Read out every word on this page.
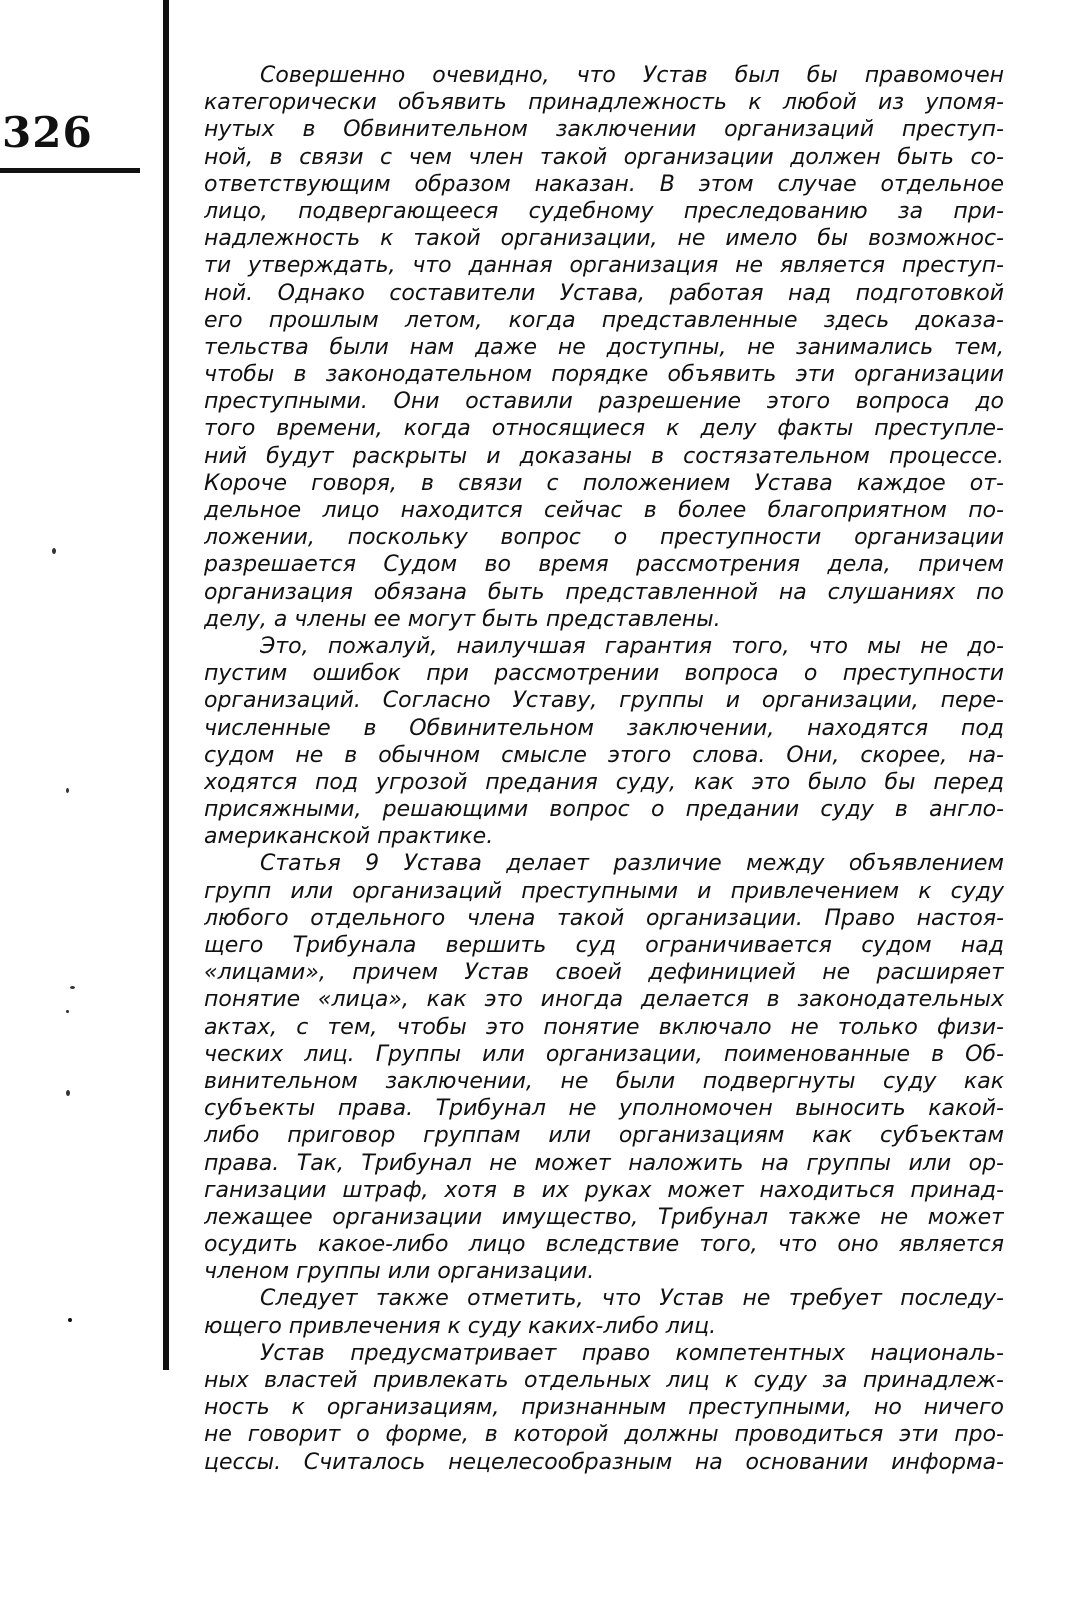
326
Совершенно очевидно, что Устав был бы правомочен
категорически объявить принадлежность к любой из упомя-
нутых в Обвинительном заключении организаций преступ-
ной, в связи с чем член такой организации должен быть со-
ответствующим образом наказан. В этом случае отдельное
лицо, подвергающееся судебному преследованию за при-
надлежность к такой организации, не имело бы возможнос-
ти утверждать, что данная организация не является преступ-
ной. Однако составители Устава, работая над подготовкой
его прошлым летом, когда представленные здесь доказа-
тельства были нам даже не доступны, не занимались тем,
чтобы в законодательном порядке объявить эти организации
преступными. Они оставили разрешение этого вопроса до
того времени, когда относящиеся к делу факты преступле-
ний будут раскрыты и доказаны в состязательном процессе.
Короче говоря, в связи с положением Устава каждое от-
дельное лицо находится сейчас в более благоприятном по-
ложении, поскольку вопрос о преступности организации
разрешается Судом во время рассмотрения дела, причем
организация обязана быть представленной на слушаниях по
делу, а члены ее могут быть представлены.
Это, пожалуй, наилучшая гарантия того, что мы не до-
пустим ошибок при рассмотрении вопроса о преступности
организаций. Согласно Уставу, группы и организации, пере-
численные в Обвинительном заключении, находятся под
судом не в обычном смысле этого слова. Они, скорее, на-
ходятся под угрозой предания суду, как это было бы перед
присяжными, решающими вопрос о предании суду в англо-
американской практике.
Статья 9 Устава делает различие между объявлением
групп или организаций преступными и привлечением к суду
любого отдельного члена такой организации. Право настоя-
щего Трибунала вершить суд ограничивается судом над
«лицами», причем Устав своей дефиницией не расширяет
понятие «лица», как это иногда делается в законодательных
актах, с тем, чтобы это понятие включало не только физи-
ческих лиц. Группы или организации, поименованные в Об-
винительном заключении, не были подвергнуты суду как
субъекты права. Трибунал не уполномочен выносить какой-
либо приговор группам или организациям как субъектам
права. Так, Трибунал не может наложить на группы или ор-
ганизации штраф, хотя в их руках может находиться принад-
лежащее организации имущество, Трибунал также не может
осудить какое-либо лицо вследствие того, что оно является
членом группы или организации.
Следует также отметить, что Устав не требует последу-
ющего привлечения к суду каких-либо лиц.
Устав предусматривает право компетентных националь-
ных властей привлекать отдельных лиц к суду за принадлеж-
ность к организациям, признанным преступными, но ничего
не говорит о форме, в которой должны проводиться эти про-
цессы. Считалось нецелесообразным на основании информа-
